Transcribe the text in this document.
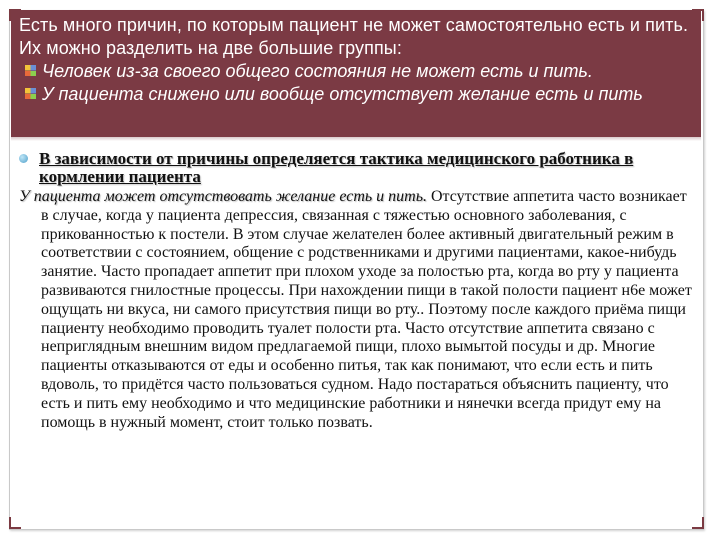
Есть много причин, по которым пациент не может самостоятельно есть и пить. Их можно разделить на две большие группы:

Человек из-за своего общего состояния не может есть и пить.

У пациента снижено или вообще отсутствует желание есть и пить

В зависимости от причины определяется тактика медицинского работника в кормлении пациента

У пациента может отсутствовать желание есть и пить. Отсутствие аппетита часто возникает в случае, когда у пациента депрессия, связанная с тяжестью основного заболевания, с прикованностью к постели. В этом случае желателен более активный двигательный режим в соответствии с состоянием, общение с родственниками и другими пациентами, какое-нибудь занятие. Часто пропадает аппетит при плохом уходе за полостью рта, когда во рту у пациента развиваются гнилостные процессы. При нахождении пищи в такой полости пациент н6е может ощущать ни вкуса, ни самого присутствия пищи во рту.. Поэтому после каждого приёма пищи пациенту необходимо проводить туалет полости рта. Часто отсутствие аппетита связано с неприглядным внешним видом предлагаемой пищи, плохо вымытой посуды и др. Многие пациенты отказываются от еды и особенно питья, так как понимают, что если есть и пить вдоволь, то придётся часто пользоваться судном. Надо постараться объяснить пациенту, что есть и пить ему необходимо и что медицинские работники и нянечки всегда придут ему на помощь в нужный момент, стоит только позвать.
